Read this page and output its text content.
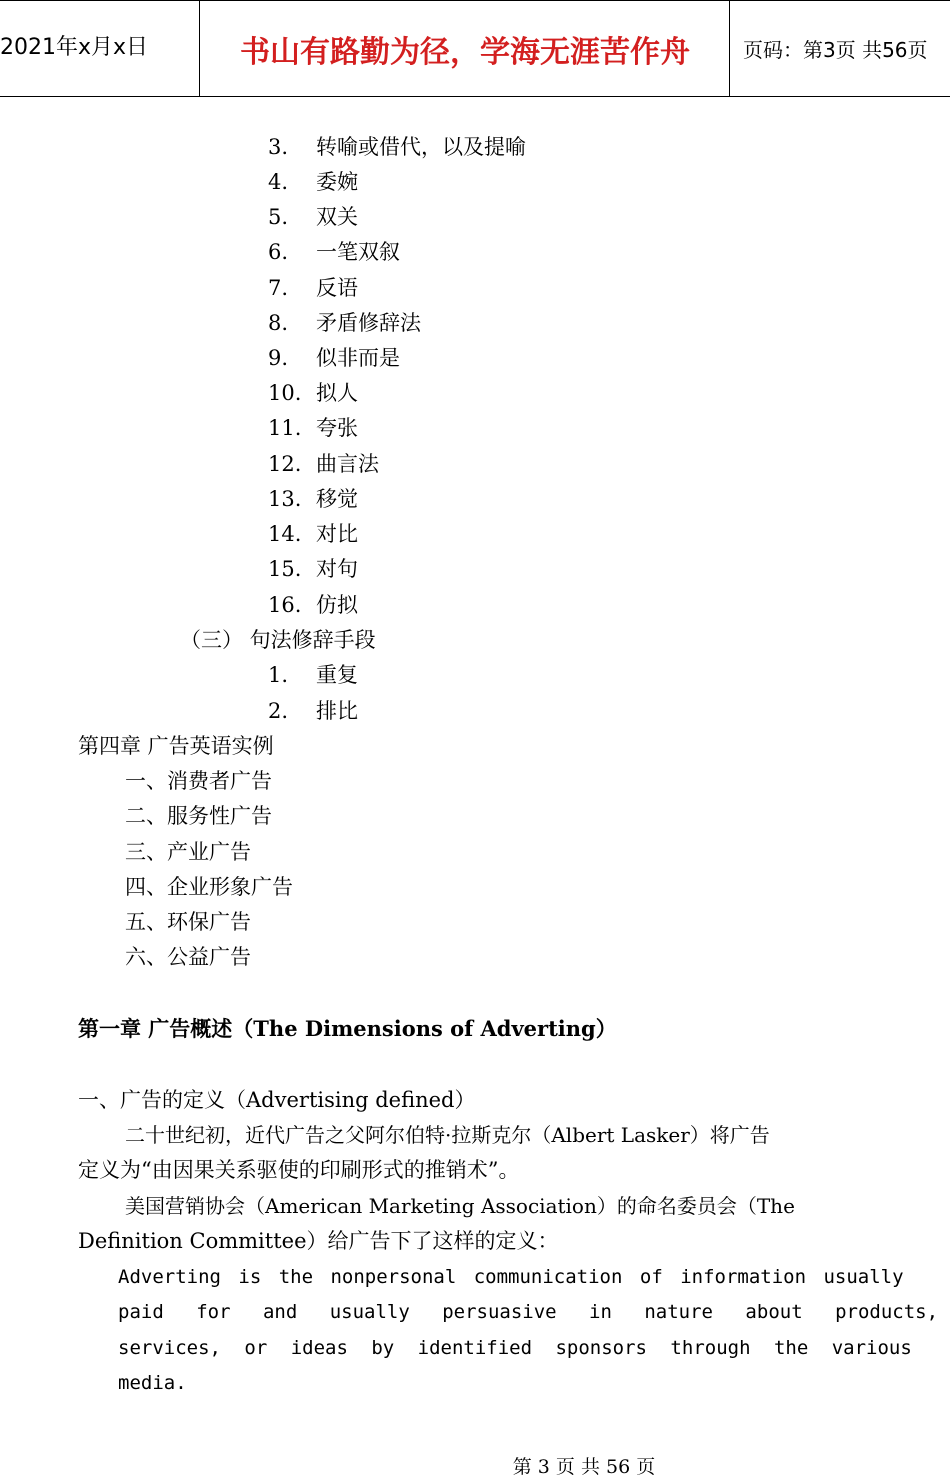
2021年x月x日	书山有路勤为径，学海无涯苦作舟	页码：第3页 共56页
3. 转喻或借代，以及提喻
4. 委婉
5. 双关
6. 一笔双叙
7. 反语
8. 矛盾修辞法
9. 似非而是
10. 拟人
11. 夸张
12. 曲言法
13. 移觉
14. 对比
15. 对句
16. 仿拟
（三） 句法修辞手段
1. 重复
2. 排比
第四章 广告英语实例
一、消费者广告
二、服务性广告
三、产业广告
四、企业形象广告
五、环保广告
六、公益广告
第一章 广告概述（The Dimensions of Adverting）
一、广告的定义（Advertising defined）
二十世纪初，近代广告之父阿尔伯特·拉斯克尔（Albert Lasker）将广告
定义为“由因果关系驱使的印刷形式的推销术”。
美国营销协会（American Marketing Association）的命名委员会（The
Definition Committee）给广告下了这样的定义：
Adverting is the nonpersonal communication of information usually
paid for and usually persuasive in nature about products,
services, or ideas by identified sponsors through the various
media.
第 3 页 共 56 页
